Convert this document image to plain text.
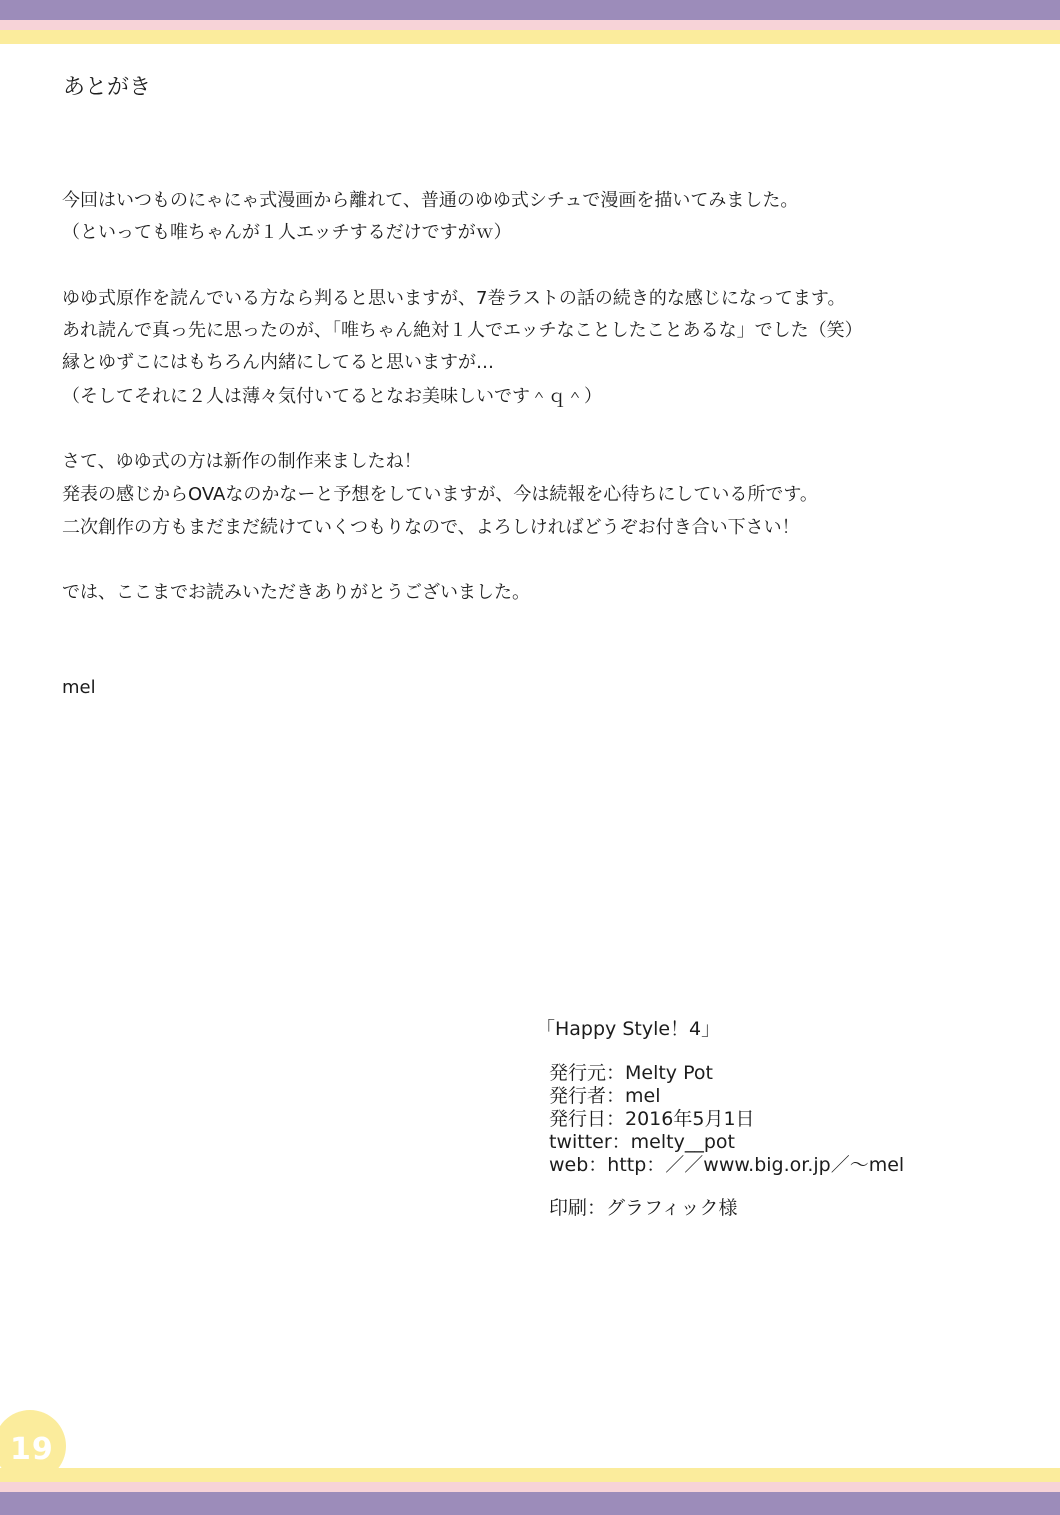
あとがき
今回はいつものにゃにゃ式漫画から離れて、普通のゆゆ式シチュで漫画を描いてみました。
（といっても唯ちゃんが１人エッチするだけですがｗ）
ゆゆ式原作を読んでいる方なら判ると思いますが、7巻ラストの話の続き的な感じになってます。
あれ読んで真っ先に思ったのが、「唯ちゃん絶対１人でエッチなことしたことあるな」でした（笑）
縁とゆずこにはもちろん内緒にしてると思いますが…
（そしてそれに２人は薄々気付いてるとなお美味しいです＾ｑ＾）
さて、ゆゆ式の方は新作の制作来ましたね！
発表の感じからOVAなのかなーと予想をしていますが、今は続報を心待ちにしている所です。
二次創作の方もまだまだ続けていくつもりなので、よろしければどうぞお付き合い下さい！
では、ここまでお読みいただきありがとうございました。
mel
「Happy Style！4」
発行元：Melty Pot
発行者：mel
発行日：2016年5月1日
twitter：melty__pot
web：http：／／www.big.or.jp／～mel
印刷：グラフィック様
19
